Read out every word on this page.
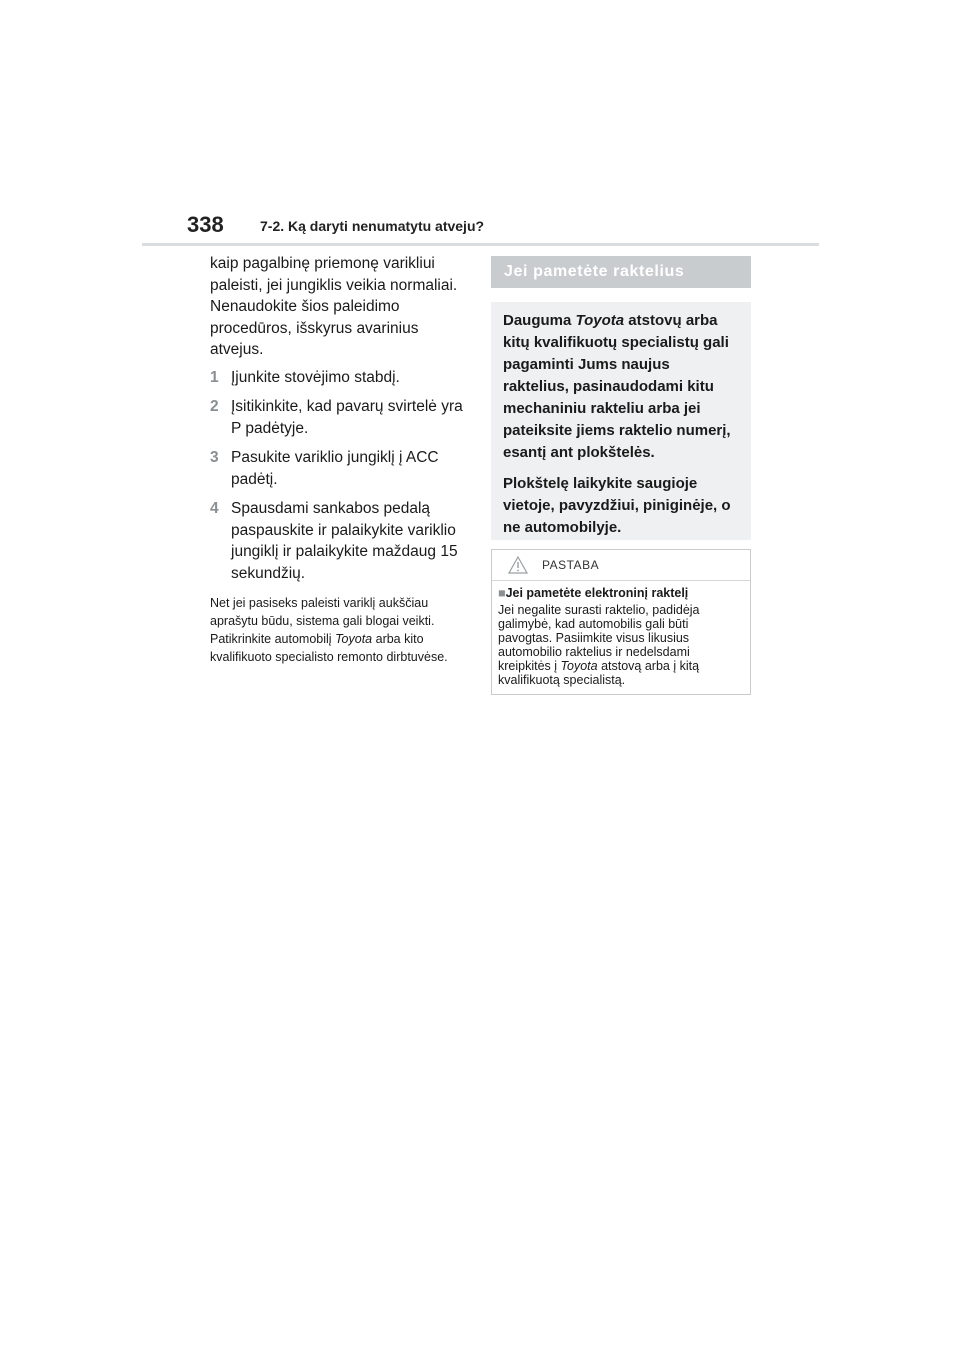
338	7-2. Ką daryti nenumatytu atveju?

kaip pagalbinę priemonę varikliui paleisti, jei jungiklis veikia normaliai.

Nenaudokite šios paleidimo procedūros, išskyrus avarinius atvejus.

1 Įjunkite stovėjimo stabdį.
2 Įsitikinkite, kad pavarų svirtelė yra P padėtyje.
3 Pasukite variklio jungiklį į ACC padėtį.
4 Spausdami sankabos pedalą paspauskite ir palaikykite variklio jungiklį ir palaikykite maždaug 15 sekundžių.

Net jei pasiseks paleisti variklį aukščiau aprašytu būdu, sistema gali blogai veikti. Patikrinkite automobilį Toyota arba kito kvalifikuoto specialisto remonto dirbtuvėse.

Jei pametėte raktelius

Dauguma Toyota atstovų arba kitų kvalifikuotų specialistų gali pagaminti Jums naujus raktelius, pasinaudodami kitu mechaniniu rakteliu arba jei pateiksite jiems raktelio numerį, esantį ant plokštelės.

Plokštelę laikykite saugioje vietoje, pavyzdžiui, piniginėje, o ne automobilyje.

PASTABA

■Jei pametėte elektroninį raktelį

Jei negalite surasti raktelio, padidėja galimybė, kad automobilis gali būti pavogtas. Pasiimkite visus likusius automobilio raktelius ir nedelsdami kreipkitės į Toyota atstovą arba į kitą kvalifikuotą specialistą.
